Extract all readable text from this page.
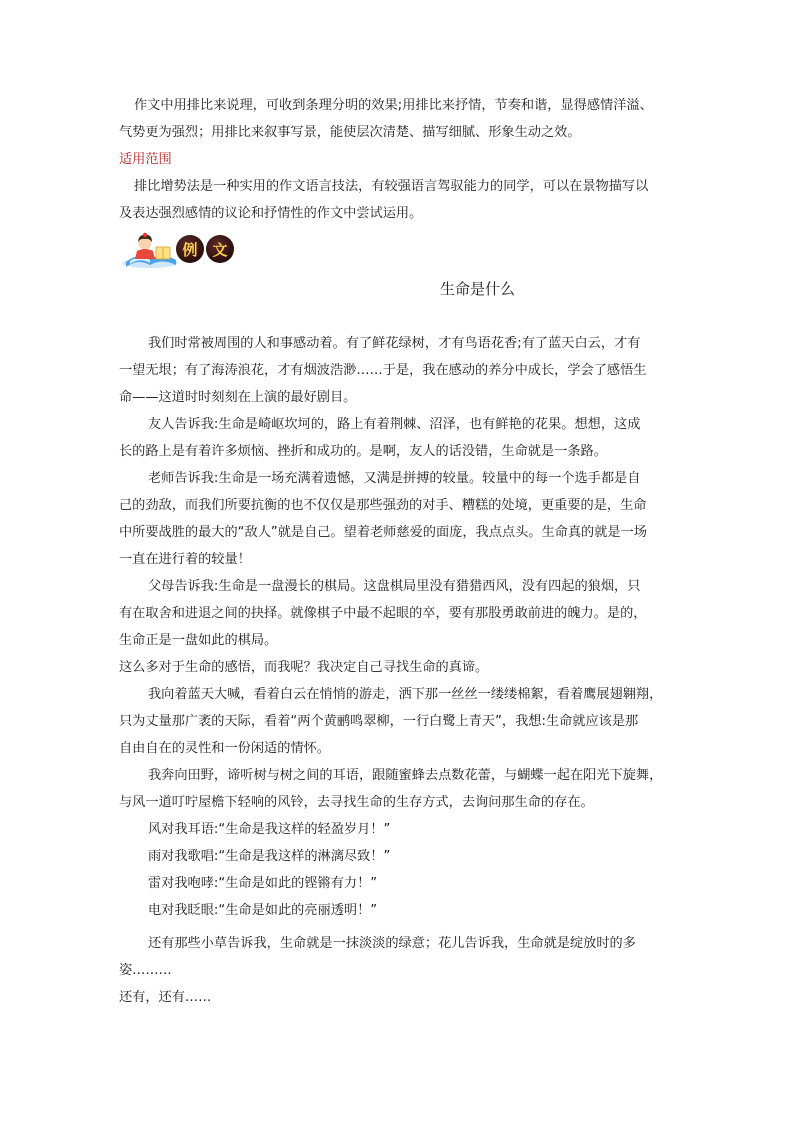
作文中用排比来说理，可收到条理分明的效果;用排比来抒情，节奏和谐，显得感情洋溢、
气势更为强烈；用排比来叙事写景，能使层次清楚、描写细腻、形象生动之效。
适用范围
排比增势法是一种实用的作文语言技法，有较强语言驾驭能力的同学，可以在景物描写以
及表达强烈感情的议论和抒情性的作文中尝试运用。
例 文
生命是什么
我们时常被周围的人和事感动着。有了鲜花绿树，才有鸟语花香;有了蓝天白云，才有
一望无垠；有了海涛浪花，才有烟波浩渺……于是，我在感动的养分中成长，学会了感悟生
命——这道时时刻刻在上演的最好剧目。
友人告诉我:生命是崎岖坎坷的，路上有着荆棘、沼泽，也有鲜艳的花果。想想，这成
长的路上是有着许多烦恼、挫折和成功的。是啊，友人的话没错，生命就是一条路。
老师告诉我:生命是一场充满着遗憾，又满是拼搏的较量。较量中的每一个选手都是自
己的劲敌，而我们所要抗衡的也不仅仅是那些强劲的对手、糟糕的处境，更重要的是，生命
中所要战胜的最大的“敌人”就是自己。望着老师慈爱的面庞，我点点头。生命真的就是一场
一直在进行着的较量！
父母告诉我:生命是一盘漫长的棋局。这盘棋局里没有猎猎西风，没有四起的狼烟，只
有在取舍和进退之间的抉择。就像棋子中最不起眼的卒，要有那股勇敢前进的魄力。是的，
生命正是一盘如此的棋局。
这么多对于生命的感悟，而我呢？我决定自己寻找生命的真谛。
我向着蓝天大喊，看着白云在悄悄的游走，洒下那一丝丝一缕缕棉絮，看着鹰展翅翱翔，
只为丈量那广袤的天际，看着“两个黄鹂鸣翠柳，一行白鹭上青天”，我想:生命就应该是那
自由自在的灵性和一份闲适的情怀。
我奔向田野，谛听树与树之间的耳语，跟随蜜蜂去点数花蕾，与蝴蝶一起在阳光下旋舞，
与风一道叮咛屋檐下轻响的风铃，去寻找生命的生存方式，去询问那生命的存在。
风对我耳语:“生命是我这样的轻盈岁月！”
雨对我歌唱:“生命是我这样的淋漓尽致！”
雷对我咆哮:“生命是如此的铿锵有力！”
电对我眨眼:“生命是如此的亮丽透明！”
还有那些小草告诉我，生命就是一抹淡淡的绿意；花儿告诉我，生命就是绽放时的多
姿………
还有，还有……
